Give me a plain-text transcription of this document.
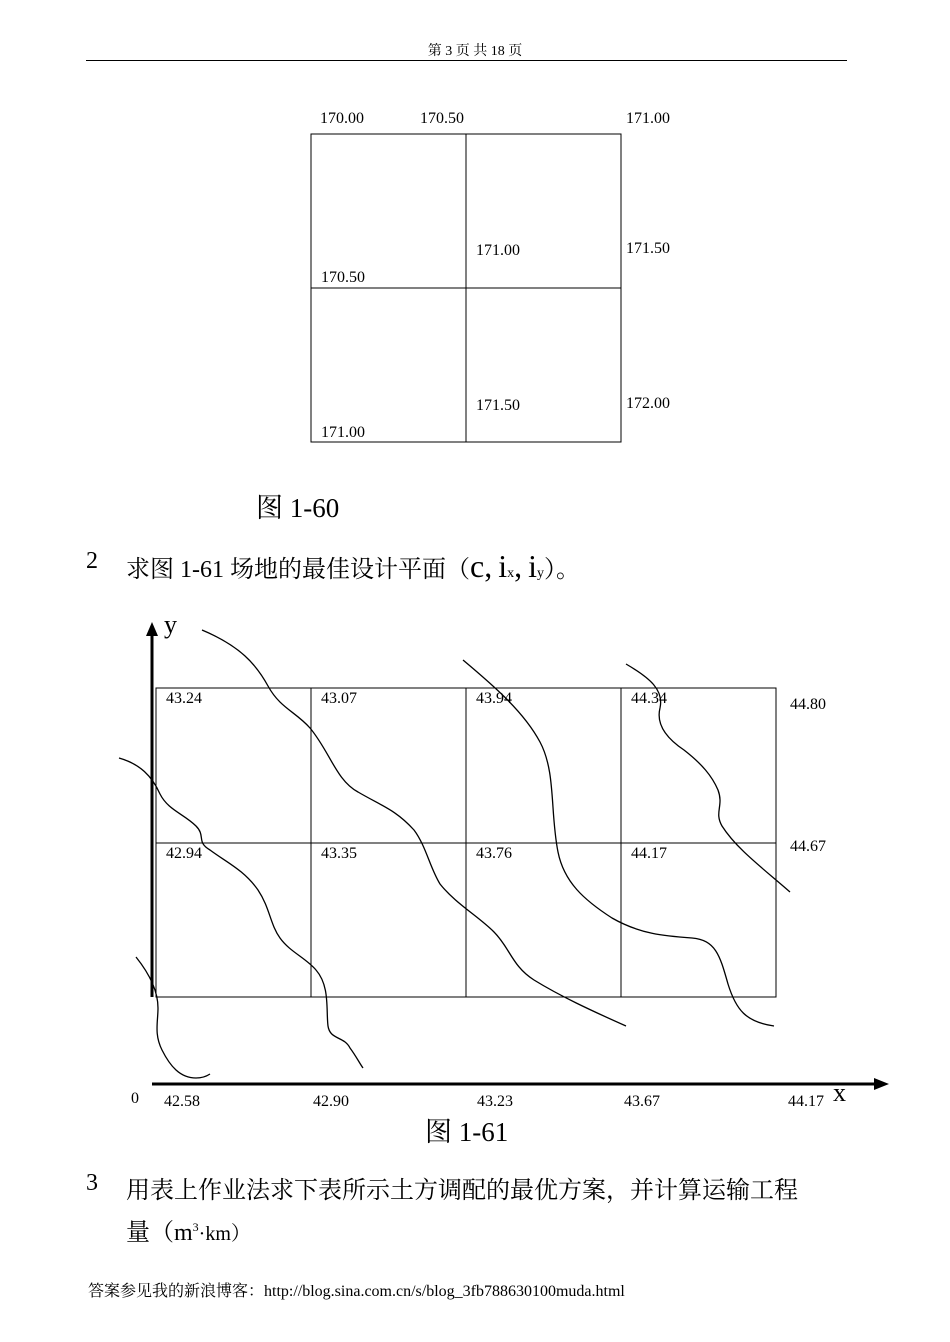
第 3 页 共 18 页
170.00	170.50	171.00
171.00	171.50
170.50
171.50	172.00
171.00
图 1-60
2 求图 1-61 场地的最佳设计平面（c, ix, iy）。
y
x
0
43.24	43.07	43.94	44.34	44.80
42.94	43.35	43.76	44.17	44.67
42.58	42.90	43.23	43.67	44.17
图 1-61
3 用表上作业法求下表所示土方调配的最优方案，并计算运输工程
量$(m^3\cdot km)$
答案参见我的新浪博客：http://blog.sina.com.cn/s/blog_3fb788630100muda.html
